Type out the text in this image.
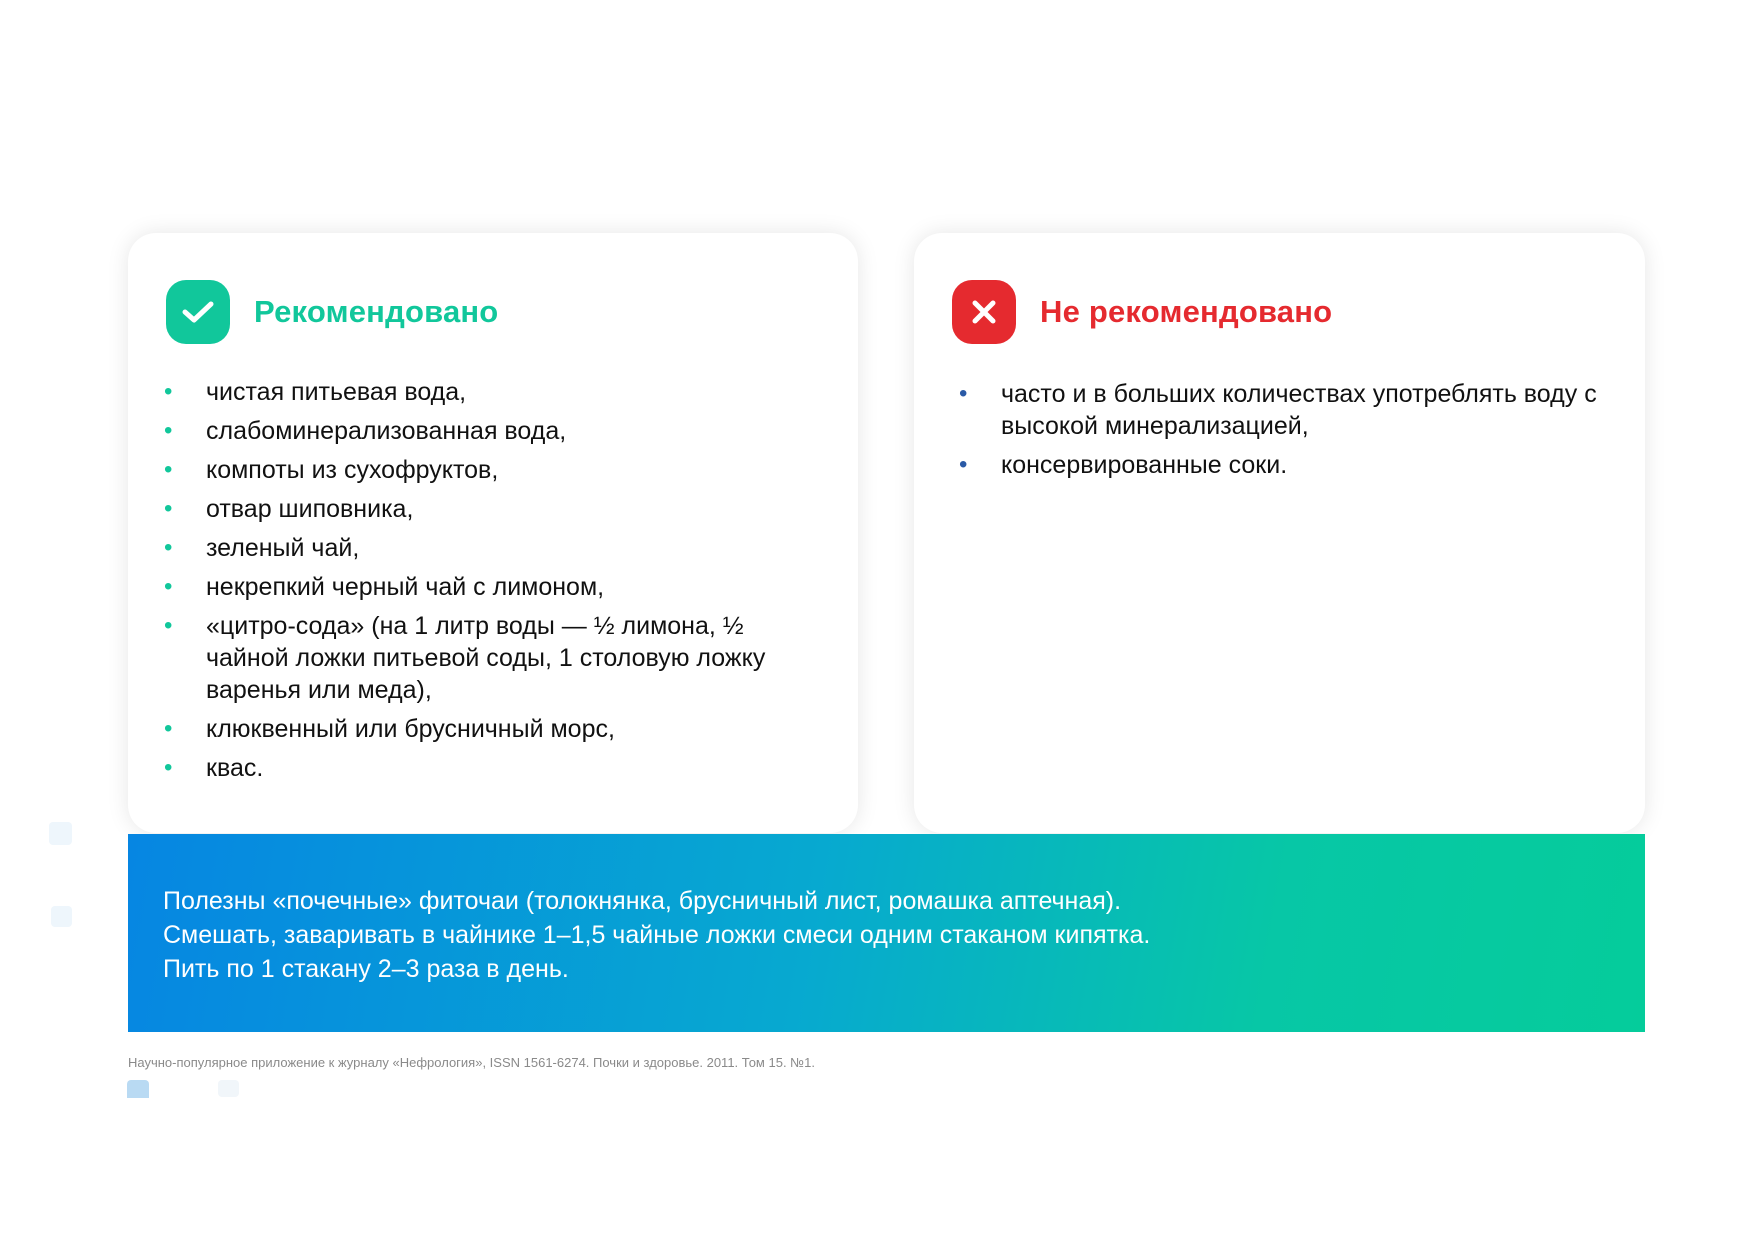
Рекомендовано
• чистая питьевая вода,
• слабоминерализованная вода,
• компоты из сухофруктов,
• отвар шиповника,
• зеленый чай,
• некрепкий черный чай с лимоном,
• «цитро-сода» (на 1 литр воды — ½ лимона, ½ чайной ложки питьевой соды, 1 столовую ложку варенья или меда),
• клюквенный или брусничный морс,
• квас.
Не рекомендовано
• часто и в больших количествах употреблять воду с высокой минерализацией,
• консервированные соки.

Полезны «почечные» фиточаи (толокнянка, брусничный лист, ромашка аптечная).
Смешать, заваривать в чайнике 1–1,5 чайные ложки смеси одним стаканом кипятка.
Пить по 1 стакану 2–3 раза в день.

Научно-популярное приложение к журналу «Нефрология», ISSN 1561-6274. Почки и здоровье. 2011. Том 15. №1.
